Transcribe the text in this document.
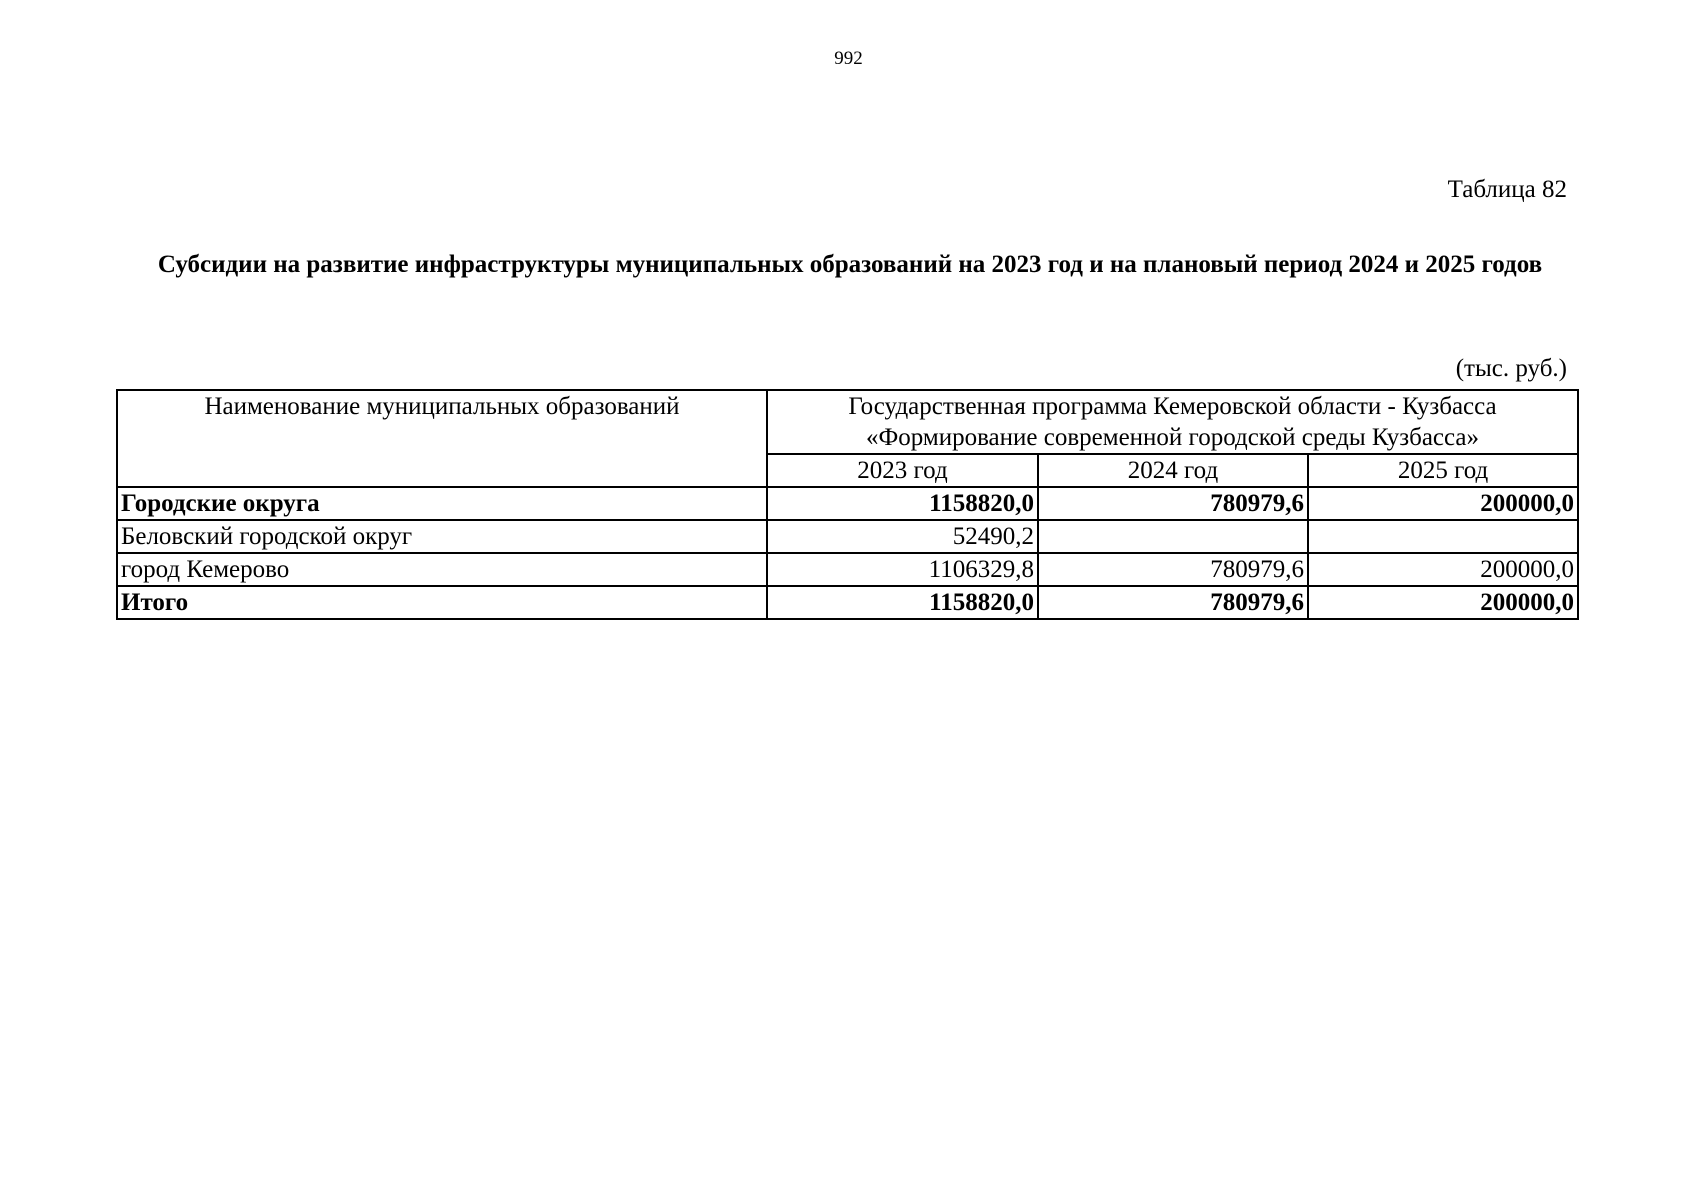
992
Таблица 82
Субсидии на развитие инфраструктуры муниципальных образований на 2023 год и на плановый период 2024 и 2025 годов
(тыс. руб.)
Наименование муниципальных образований	Государственная программа Кемеровской области - Кузбасса
«Формирование современной городской среды Кузбасса»		

	2023 год	2024 год	2025 год
Городские округа	1158820,0	780979,6	200000,0
Беловский городской округ	52490,2		
город Кемерово	1106329,8	780979,6	200000,0
Итого	1158820,0	780979,6	200000,0
